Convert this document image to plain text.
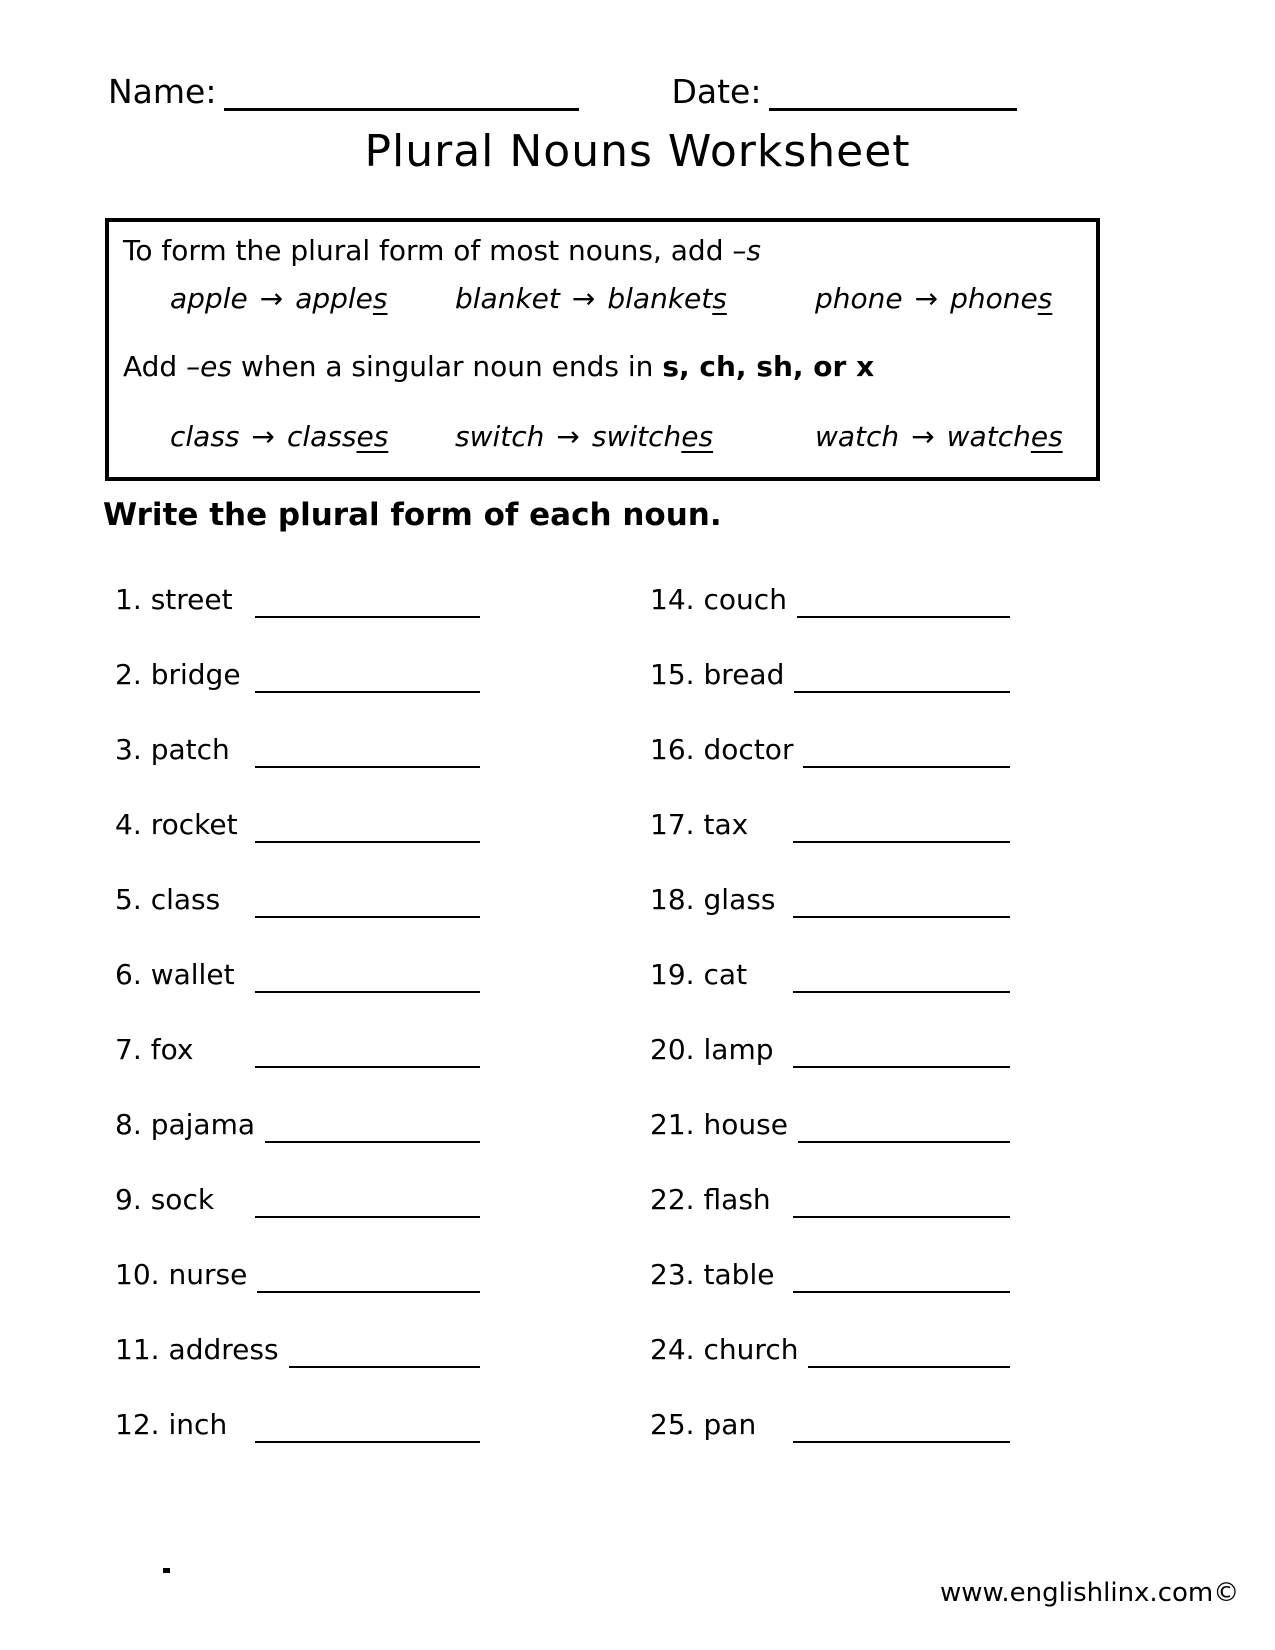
Name:	Date:
Plural Nouns Worksheet

To form the plural form of most nouns, add –s

apple → apples	blanket → blankets	phone → phones

Add –es when a singular noun ends in s, ch, sh, or x

class → classes	switch → switches	watch → watches
Write the plural form of each noun.
1. street
2. bridge
3. patch
4. rocket
5. class
6. wallet
7. fox
8. pajama
9. sock
10. nurse
11. address
12. inch
14. couch
15. bread
16. doctor
17. tax
18. glass
19. cat
20. lamp
21. house
22. flash
23. table
24. church
25. pan
www.englishlinx.com©
